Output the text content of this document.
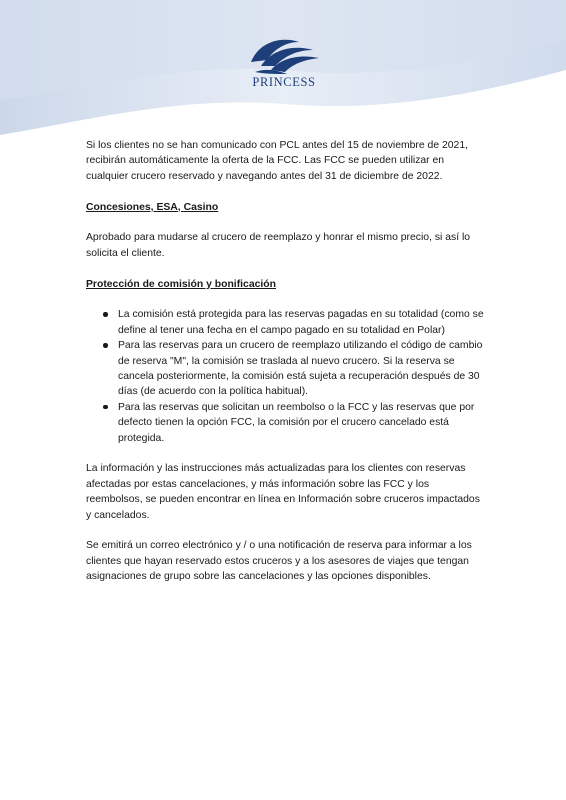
PRINCESS

Si los clientes no se han comunicado con PCL antes del 15 de noviembre de 2021, recibirán automáticamente la oferta de la FCC. Las FCC se pueden utilizar en cualquier crucero reservado y navegando antes del 31 de diciembre de 2022.

Concesiones, ESA, Casino

Aprobado para mudarse al crucero de reemplazo y honrar el mismo precio, si así lo solicita el cliente.

Protección de comisión y bonificación

La comisión está protegida para las reservas pagadas en su totalidad (como se define al tener una fecha en el campo pagado en su totalidad en Polar)
Para las reservas para un crucero de reemplazo utilizando el código de cambio de reserva "M", la comisión se traslada al nuevo crucero. Si la reserva se cancela posteriormente, la comisión está sujeta a recuperación después de 30 días (de acuerdo con la política habitual).
Para las reservas que solicitan un reembolso o la FCC y las reservas que por defecto tienen la opción FCC, la comisión por el crucero cancelado está protegida.

La información y las instrucciones más actualizadas para los clientes con reservas afectadas por estas cancelaciones, y más información sobre las FCC y los reembolsos, se pueden encontrar en línea en Información sobre cruceros impactados y cancelados.

Se emitirá un correo electrónico y / o una notificación de reserva para informar a los clientes que hayan reservado estos cruceros y a los asesores de viajes que tengan asignaciones de grupo sobre las cancelaciones y las opciones disponibles.
